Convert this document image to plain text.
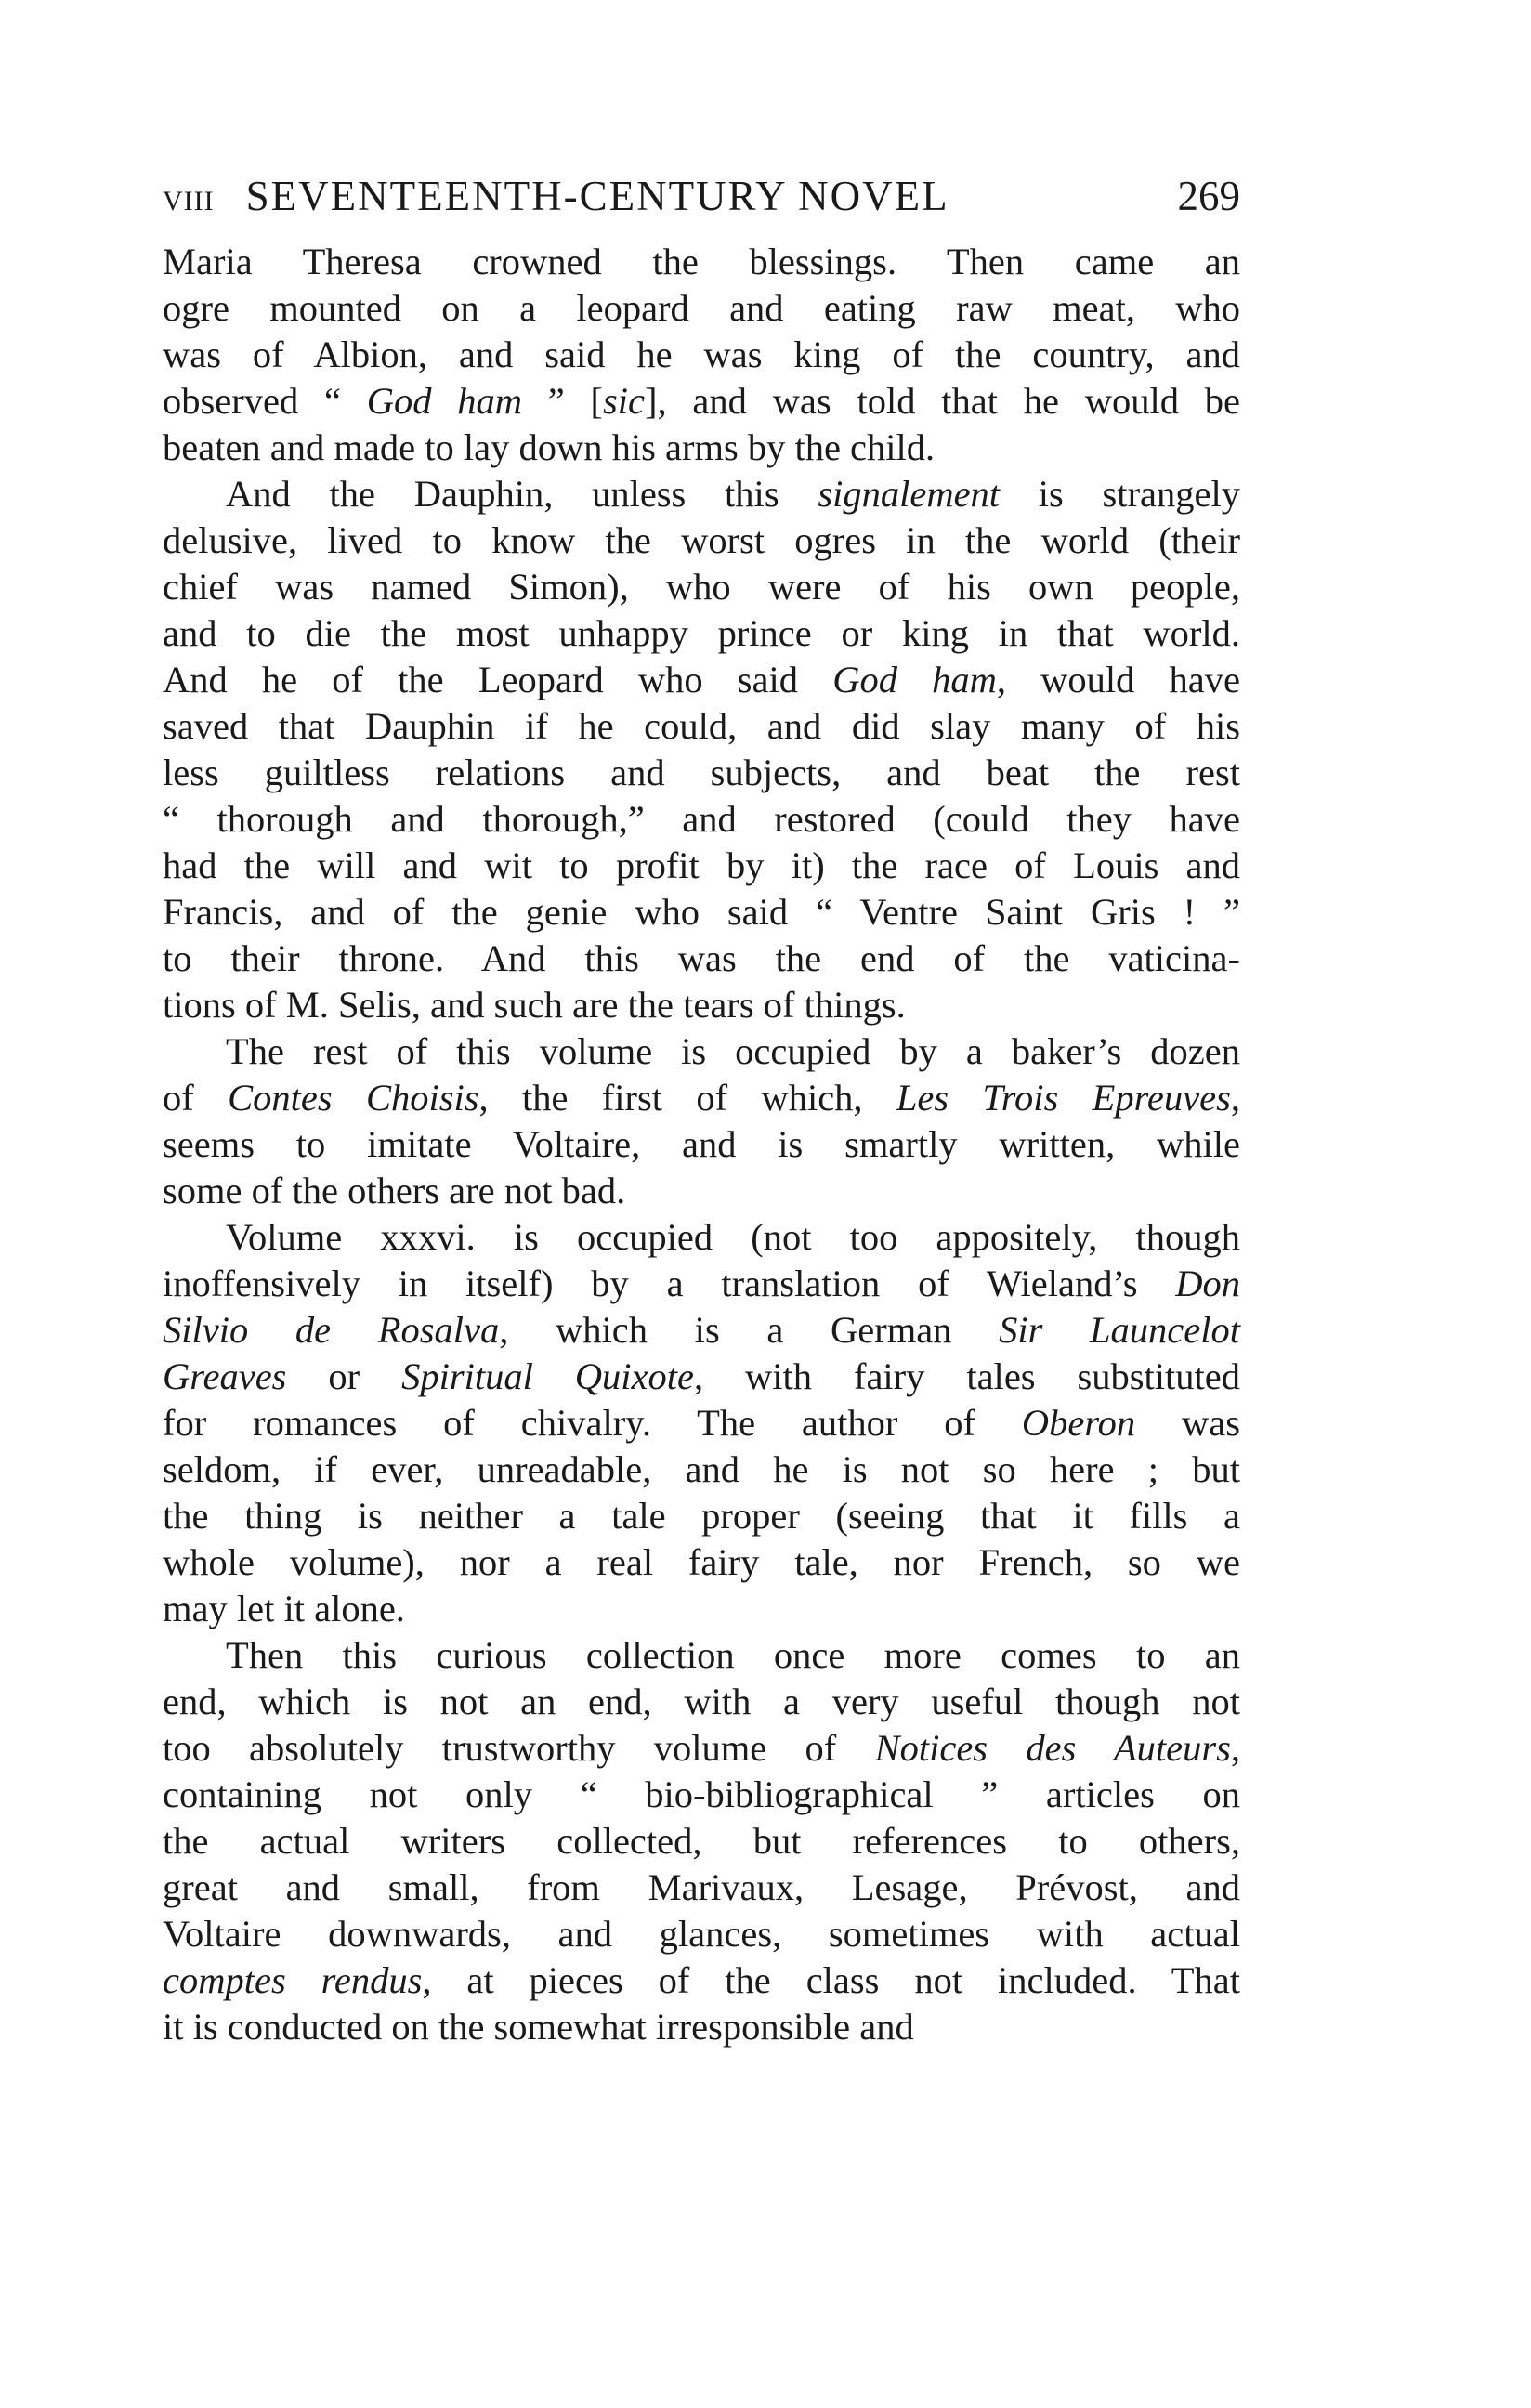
VIII SEVENTEENTH-CENTURY NOVEL	269
Maria Theresa crowned the blessings. Then came an
ogre mounted on a leopard and eating raw meat, who
was of Albion, and said he was king of the country, and
observed “ God ham ” [sic], and was told that he would be
beaten and made to lay down his arms by the child.
And the Dauphin, unless this signalement is strangely
delusive, lived to know the worst ogres in the world (their
chief was named Simon), who were of his own people,
and to die the most unhappy prince or king in that world.
And he of the Leopard who said God ham, would have
saved that Dauphin if he could, and did slay many of his
less guiltless relations and subjects, and beat the rest
“ thorough and thorough,” and restored (could they have
had the will and wit to profit by it) the race of Louis and
Francis, and of the genie who said “ Ventre Saint Gris ! ”
to their throne. And this was the end of the vaticina-
tions of M. Selis, and such are the tears of things.
The rest of this volume is occupied by a baker’s dozen
of Contes Choisis, the first of which, Les Trois Epreuves,
seems to imitate Voltaire, and is smartly written, while
some of the others are not bad.
Volume xxxvi. is occupied (not too appositely, though
inoffensively in itself) by a translation of Wieland’s Don
Silvio de Rosalva, which is a German Sir Launcelot
Greaves or Spiritual Quixote, with fairy tales substituted
for romances of chivalry. The author of Oberon was
seldom, if ever, unreadable, and he is not so here ; but
the thing is neither a tale proper (seeing that it fills a
whole volume), nor a real fairy tale, nor French, so we
may let it alone.
Then this curious collection once more comes to an
end, which is not an end, with a very useful though not
too absolutely trustworthy volume of Notices des Auteurs,
containing not only “ bio-bibliographical ” articles on
the actual writers collected, but references to others,
great and small, from Marivaux, Lesage, Prévost, and
Voltaire downwards, and glances, sometimes with actual
comptes rendus, at pieces of the class not included. That
it is conducted on the somewhat irresponsible and
